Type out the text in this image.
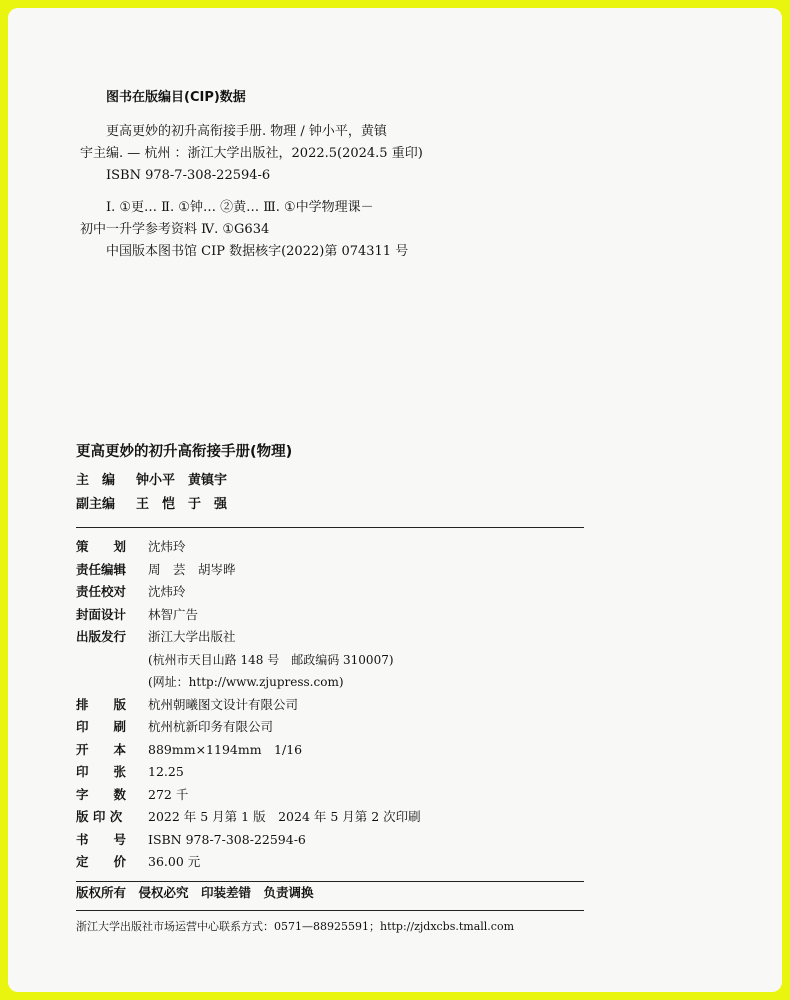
图书在版编目(CIP)数据
更高更妙的初升高衔接手册. 物理 / 钟小平，黄镇
宇主编. — 杭州 ：浙江大学出版社，2022.5(2024.5 重印)
ISBN 978-7-308-22594-6
Ⅰ. ①更… Ⅱ. ①钟… ②黄… Ⅲ. ①中学物理课－
初中一升学参考资料 Ⅳ. ①G634
中国版本图书馆 CIP 数据核字(2022)第 074311 号
更高更妙的初升高衔接手册(物理)
主　编 钟小平　黄镇宇
副主编 王　恺　于　强
策　　划 沈炜玲
责任编辑 周　芸　胡岑晔
责任校对 沈炜玲
封面设计 林智广告
出版发行 浙江大学出版社
(杭州市天目山路 148 号　邮政编码 310007)
(网址：http://www.zjupress.com)
排　　版 杭州朝曦图文设计有限公司
印　　刷 杭州杭新印务有限公司
开　　本 889mm×1194mm　1/16
印　　张 12.25
字　　数 272 千
版 印 次 2022 年 5 月第 1 版　2024 年 5 月第 2 次印刷
书　　号 ISBN 978-7-308-22594-6
定　　价 36.00 元
版权所有　侵权必究　印装差错　负责调换
浙江大学出版社市场运营中心联系方式：0571—88925591；http://zjdxcbs.tmall.com
